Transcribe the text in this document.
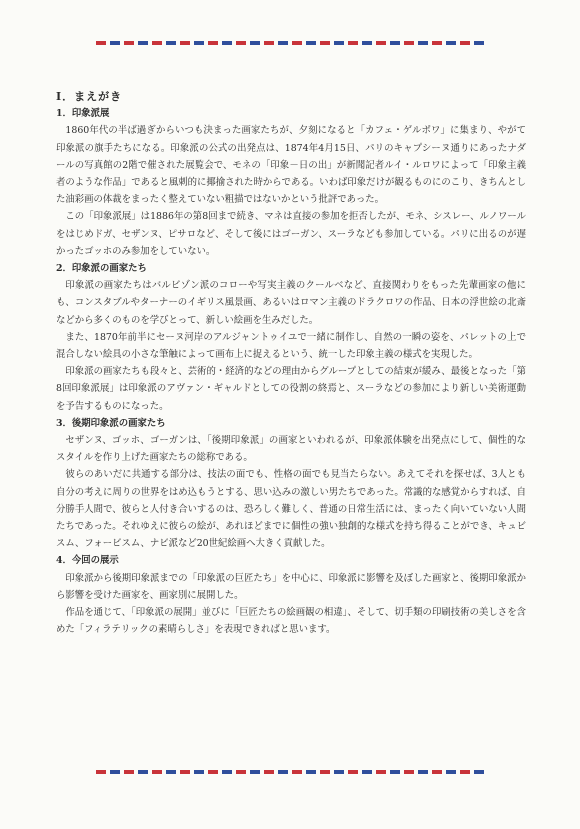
Ⅰ．まえがき

1．印象派展

1860年代の半ば過ぎからいつも決まった画家たちが、夕刻になると「カフェ・ゲルボワ」に集まり、やがて印象派の旗手たちになる。印象派の公式の出発点は、1874年4月15日、パリのキャプシーヌ通りにあったナダールの写真館の2階で催された展覧会で、モネの「印象－日の出」が新聞記者ルイ・ルロワによって「印象主義者のような作品」であると風刺的に揶揄された時からである。いわば印象だけが観るものにのこり、きちんとした油彩画の体裁をまったく整えていない粗描ではないかという批評であった。

この「印象派展」は1886年の第8回まで続き、マネは直接の参加を拒否したが、モネ、シスレー、ルノワールをはじめドガ、セザンヌ、ピサロなど、そして後にはゴーガン、スーラなども参加している。パリに出るのが遅かったゴッホのみ参加をしていない。

2．印象派の画家たち

印象派の画家たちはバルビゾン派のコローや写実主義のクールベなど、直接関わりをもった先輩画家の他にも、コンスタブルやターナーのイギリス風景画、あるいはロマン主義のドラクロワの作品、日本の浮世絵の北斎などから多くのものを学びとって、新しい絵画を生みだした。

また、1870年前半にセーヌ河岸のアルジャントゥイユで一緒に制作し、自然の一瞬の姿を、パレットの上で混合しない絵具の小さな筆触によって画布上に捉えるという、統一した印象主義の様式を実現した。

印象派の画家たちも段々と、芸術的・経済的などの理由からグループとしての結束が緩み、最後となった「第8回印象派展」は印象派のアヴァン・ギャルドとしての役割の終焉と、スーラなどの参加により新しい美術運動を予告するものになった。

3．後期印象派の画家たち

セザンヌ、ゴッホ、ゴーガンは、「後期印象派」の画家といわれるが、印象派体験を出発点にして、個性的なスタイルを作り上げた画家たちの総称である。

彼らのあいだに共通する部分は、技法の面でも、性格の面でも見当たらない。あえてそれを探せば、3人とも自分の考えに周りの世界をはめ込もうとする、思い込みの激しい男たちであった。常識的な感覚からすれば、自分勝手人間で、彼らと人付き合いするのは、恐ろしく難しく、普通の日常生活には、まったく向いていない人間たちであった。それゆえに彼らの絵が、あれほどまでに個性の強い独創的な様式を持ち得ることができ、キュビスム、フォービスム、ナビ派など20世紀絵画へ大きく貢献した。

4．今回の展示

印象派から後期印象派までの「印象派の巨匠たち」を中心に、印象派に影響を及ぼした画家と、後期印象派から影響を受けた画家を、画家別に展開した。

作品を通じて、「印象派の展開」並びに「巨匠たちの絵画観の相違」、そして、切手類の印刷技術の美しさを含めた「フィラテリックの素晴らしさ」を表現できればと思います。
